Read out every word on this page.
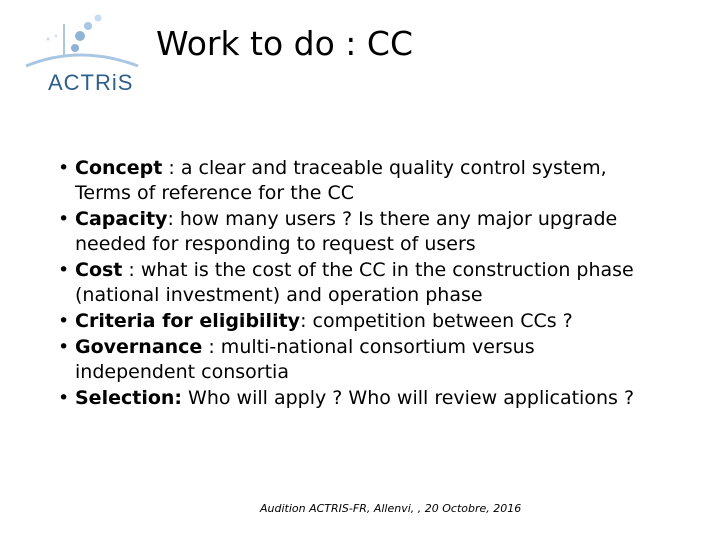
ACTRiS
Work to do : CC
• Concept : a clear and traceable quality control system, Terms of reference for the CC
• Capacity: how many users ? Is there any major upgrade needed for responding to request of users
• Cost : what is the cost of the CC in the construction phase (national investment) and operation phase
• Criteria for eligibility: competition between CCs ?
• Governance : multi-national consortium versus independent consortia
• Selection: Who will apply ? Who will review applications ?
Audition ACTRIS-FR, Allenvi, , 20 Octobre, 2016
